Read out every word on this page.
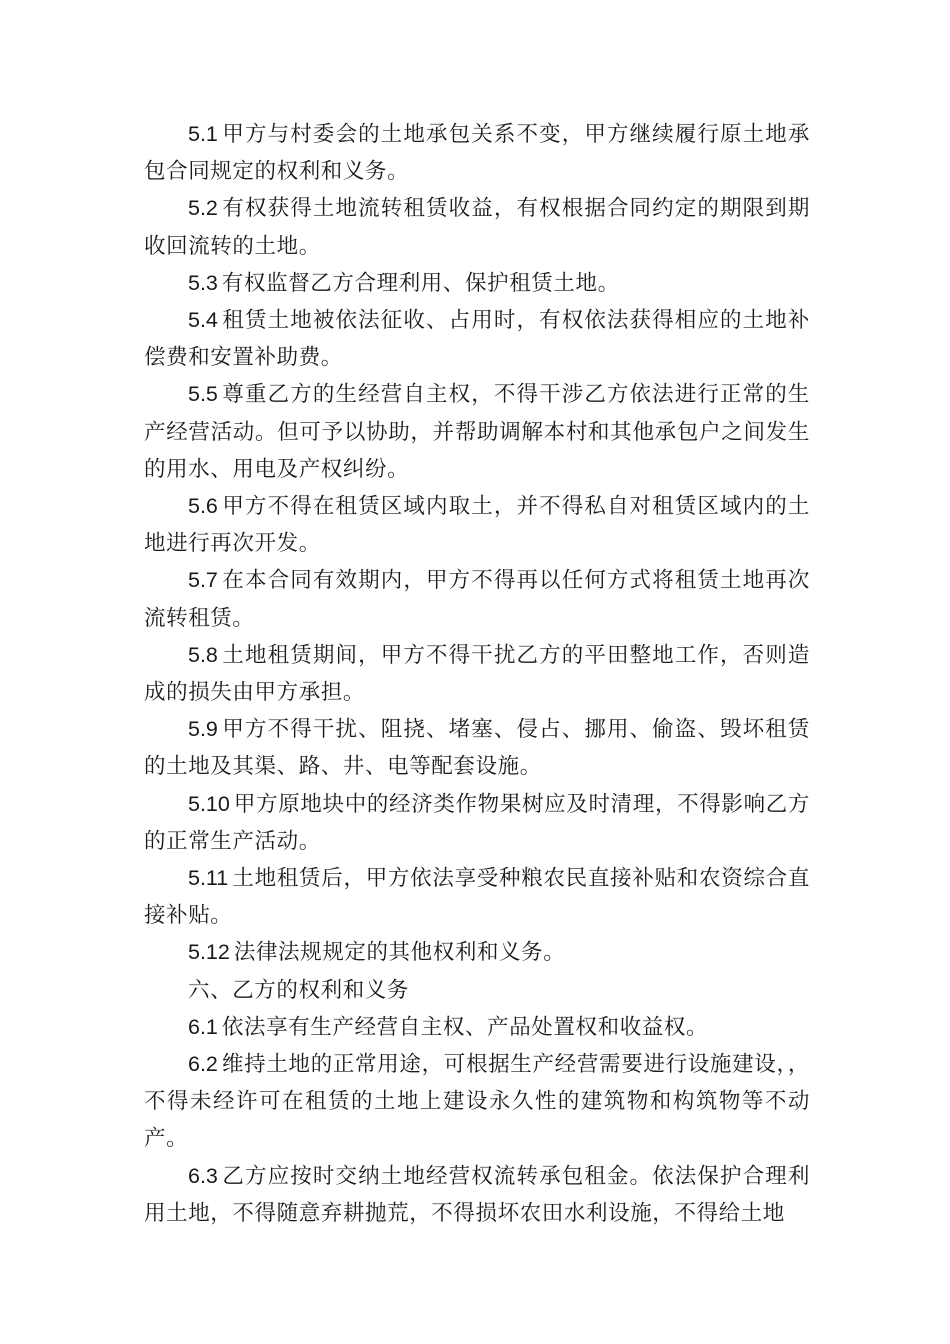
5.1 甲方与村委会的土地承包关系不变，甲方继续履行原土地承包合同规定的权利和义务。

5.2 有权获得土地流转租赁收益，有权根据合同约定的期限到期收回流转的土地。

5.3 有权监督乙方合理利用、保护租赁土地。

5.4 租赁土地被依法征收、占用时，有权依法获得相应的土地补偿费和安置补助费。

5.5 尊重乙方的生经营自主权，不得干涉乙方依法进行正常的生产经营活动。但可予以协助，并帮助调解本村和其他承包户之间发生的用水、用电及产权纠纷。

5.6 甲方不得在租赁区域内取土，并不得私自对租赁区域内的土地进行再次开发。

5.7 在本合同有效期内，甲方不得再以任何方式将租赁土地再次流转租赁。

5.8 土地租赁期间，甲方不得干扰乙方的平田整地工作，否则造成的损失由甲方承担。

5.9 甲方不得干扰、阻挠、堵塞、侵占、挪用、偷盗、毁坏租赁的土地及其渠、路、井、电等配套设施。

5.10 甲方原地块中的经济类作物果树应及时清理，不得影响乙方的正常生产活动。

5.11 土地租赁后，甲方依法享受种粮农民直接补贴和农资综合直接补贴。

5.12 法律法规规定的其他权利和义务。

六、乙方的权利和义务

6.1 依法享有生产经营自主权、产品处置权和收益权。

6.2 维持土地的正常用途，可根据生产经营需要进行设施建设，，不得未经许可在租赁的土地上建设永久性的建筑物和构筑物等不动产。

6.3 乙方应按时交纳土地经营权流转承包租金。依法保护合理利用土地，不得随意弃耕抛荒，不得损坏农田水利设施，不得给土地
